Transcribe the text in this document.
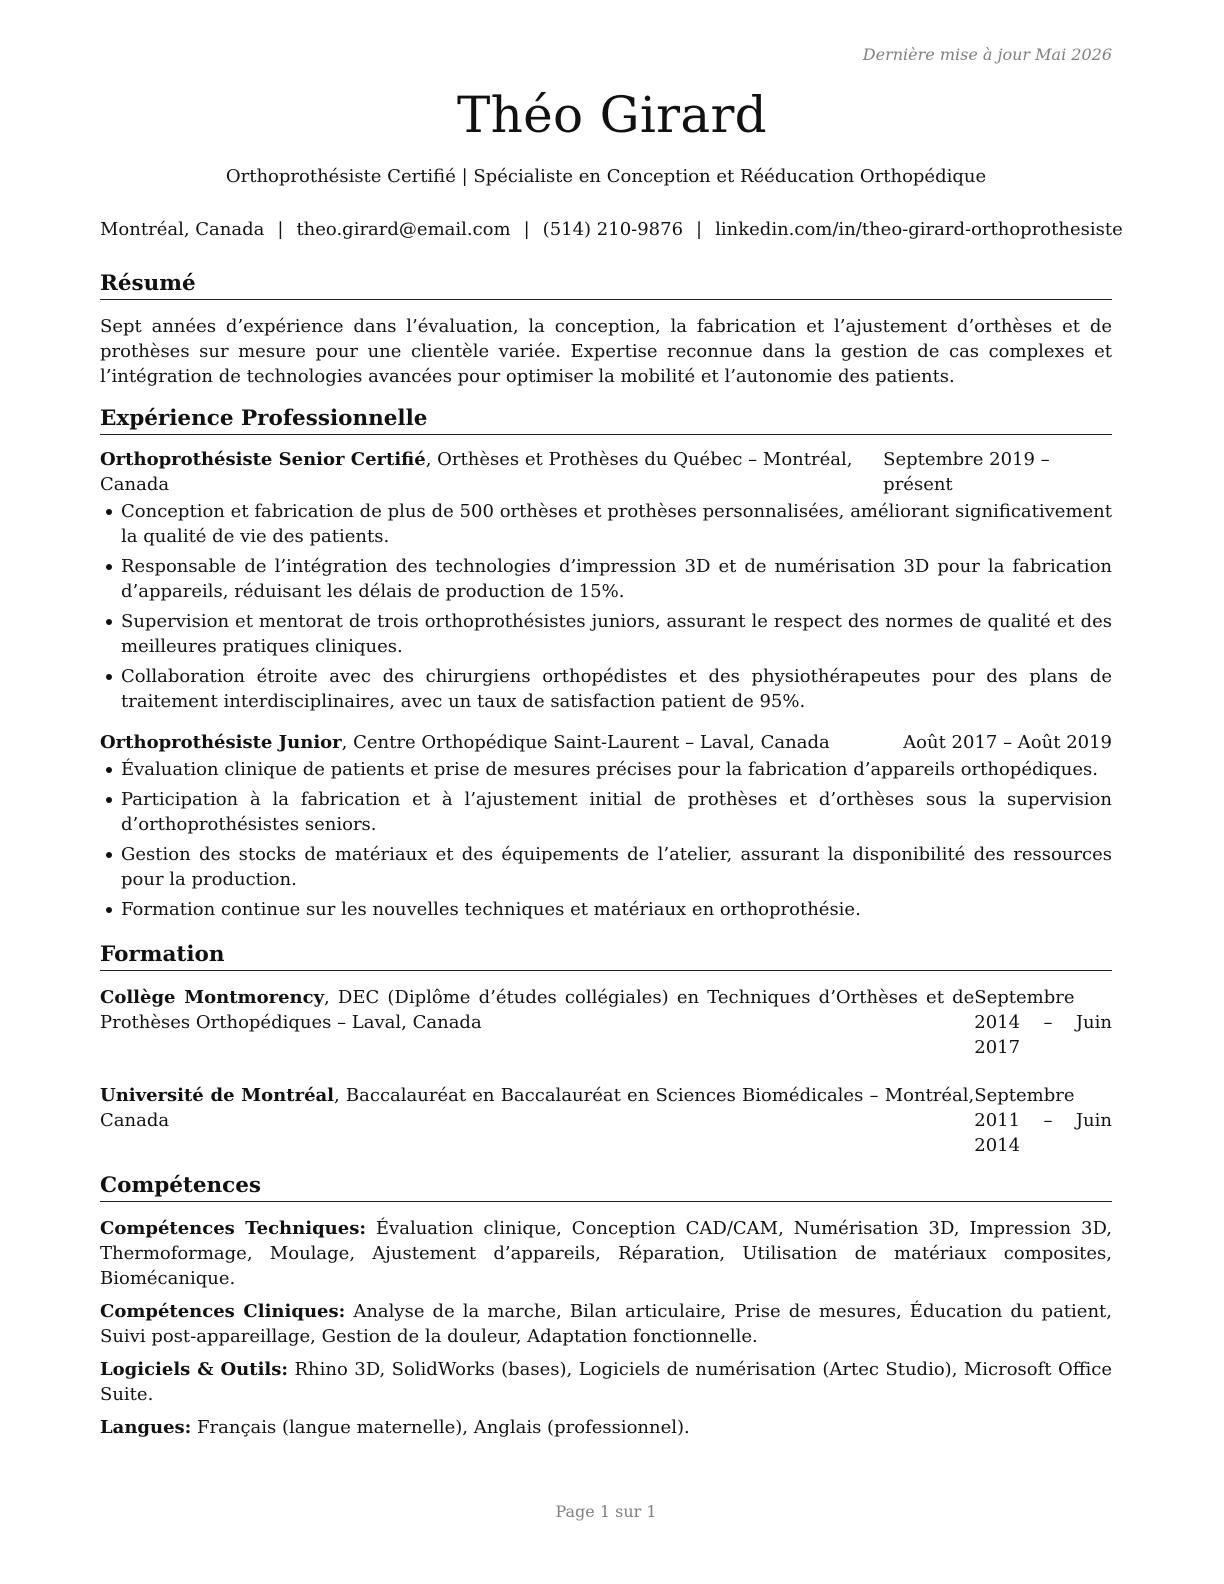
Dernière mise à jour Mai 2026
Théo Girard
Orthoprothésiste Certifié | Spécialiste en Conception et Rééducation Orthopédique
Montréal, Canada | theo.girard@email.com | (514) 210-9876 | linkedin.com/in/theo-girard-orthoprothesiste
Résumé

Sept années d’expérience dans l’évaluation, la conception, la fabrication et l’ajustement d’orthèses et de prothèses sur mesure pour une clientèle variée. Expertise reconnue dans la gestion de cas complexes et l’intégration de technologies avancées pour optimiser la mobilité et l’autonomie des patients.

Expérience Professionnelle
Orthoprothésiste Senior Certifié, Orthèses et Prothèses du Québec – Montréal, Canada
Septembre 2019 – présent
Conception et fabrication de plus de 500 orthèses et prothèses personnalisées, améliorant significativement la qualité de vie des patients.
Responsable de l’intégration des technologies d’impression 3D et de numérisation 3D pour la fabrication d’appareils, réduisant les délais de production de 15%.
Supervision et mentorat de trois orthoprothésistes juniors, assurant le respect des normes de qualité et des meilleures pratiques cliniques.
Collaboration étroite avec des chirurgiens orthopédistes et des physiothérapeutes pour des plans de traitement interdisciplinaires, avec un taux de satisfaction patient de 95%.
Orthoprothésiste Junior, Centre Orthopédique Saint-Laurent – Laval, Canada	Août 2017 – Août 2019
Évaluation clinique de patients et prise de mesures précises pour la fabrication d’appareils orthopédiques.
Participation à la fabrication et à l’ajustement initial de prothèses et d’orthèses sous la supervision d’orthoprothésistes seniors.
Gestion des stocks de matériaux et des équipements de l’atelier, assurant la disponibilité des ressources pour la production.
Formation continue sur les nouvelles techniques et matériaux en orthoprothésie.
Formation
Collège Montmorency, DEC (Diplôme d’études collégiales) en Techniques d’Orthèses et de Prothèses Orthopédiques – Laval, Canada
Septembre 2014 – Juin
2017
Université de Montréal, Baccalauréat en Baccalauréat en Sciences Biomédicales – Montréal, Canada
Septembre 2011 – Juin
2014
Compétences

Compétences Techniques: Évaluation clinique, Conception CAD/CAM, Numérisation 3D, Impression 3D, Thermoformage, Moulage, Ajustement d’appareils, Réparation, Utilisation de matériaux composites, Biomécanique.

Compétences Cliniques: Analyse de la marche, Bilan articulaire, Prise de mesures, Éducation du patient, Suivi post-appareillage, Gestion de la douleur, Adaptation fonctionnelle.

Logiciels & Outils: Rhino 3D, SolidWorks (bases), Logiciels de numérisation (Artec Studio), Microsoft Office Suite.

Langues: Français (langue maternelle), Anglais (professionnel).

Page 1 sur 1
